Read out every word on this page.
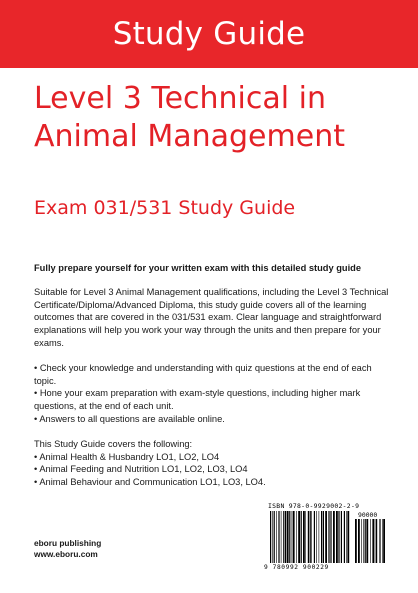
Study Guide
Level 3 Technical in
Animal Management
Exam 031/531 Study Guide

Fully prepare yourself for your written exam with this detailed study guide

Suitable for Level 3 Animal Management qualifications, including the Level 3 Technical Certificate/Diploma/Advanced Diploma, this study guide covers all of the learning outcomes that are covered in the 031/531 exam. Clear language and straightforward explanations will help you work your way through the units and then prepare for your exams.

• Check your knowledge and understanding with quiz questions at the end of each topic.
• Hone your exam preparation with exam-style questions, including higher mark questions, at the end of each unit.
• Answers to all questions are available online.

This Study Guide covers the following:

• Animal Health & Husbandry LO1, LO2, LO4
• Animal Feeding and Nutrition LO1, LO2, LO3, LO4
• Animal Behaviour and Communication LO1, LO3, LO4.
ISBN 978-0-9929002-2-9
90000
9 780992 900229
eboru publishing
www.eboru.com
